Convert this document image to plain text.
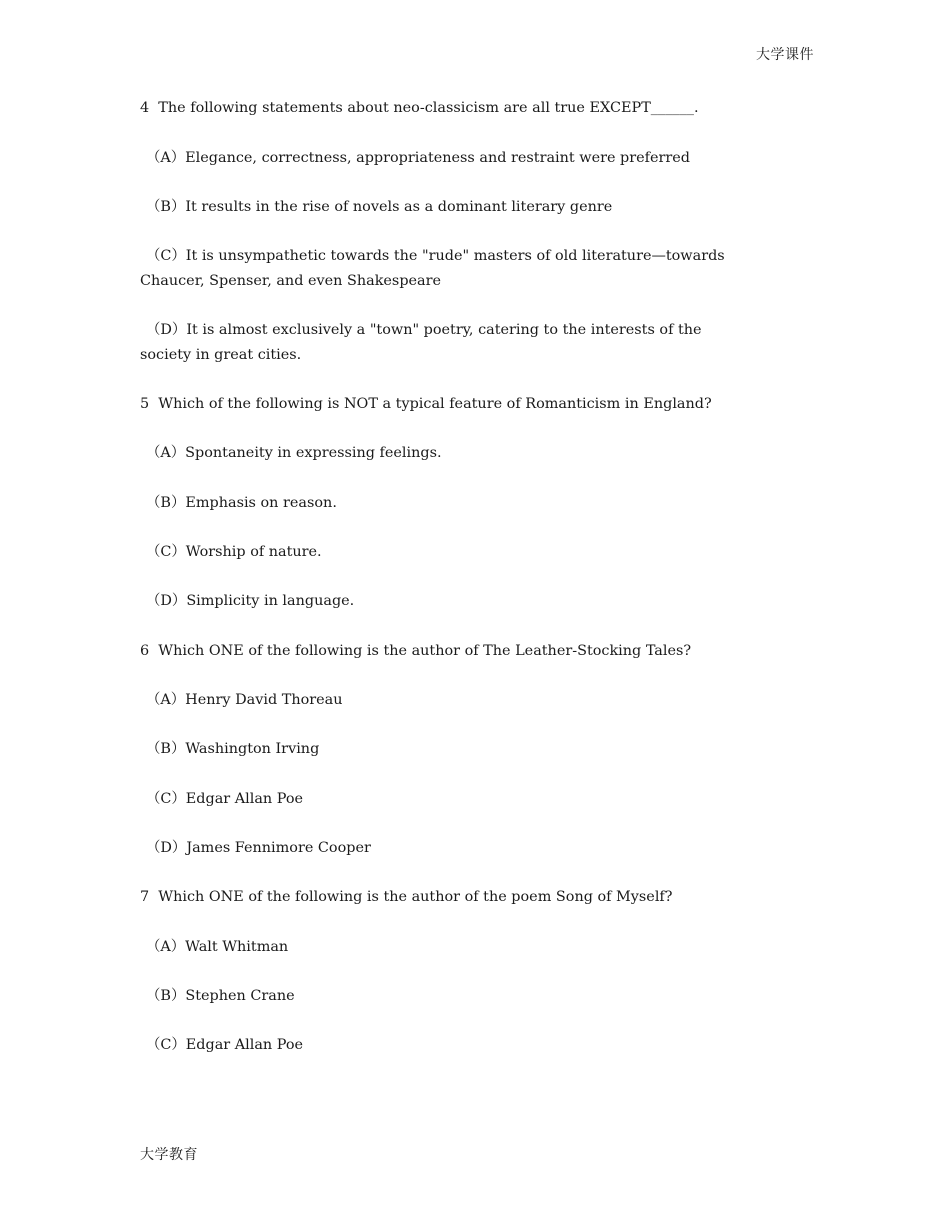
大学课件
4  The following statements about neo-classicism are all true EXCEPT______.
（A）Elegance, correctness, appropriateness and restraint were preferred
（B）It results in the rise of novels as a dominant literary genre
（C）It is unsympathetic towards the "rude" masters of old literature—towards
Chaucer, Spenser, and even Shakespeare
（D）It is almost exclusively a "town" poetry, catering to the interests of the
society in great cities.
5  Which of the following is NOT a typical feature of Romanticism in England?
（A）Spontaneity in expressing feelings.
（B）Emphasis on reason.
（C）Worship of nature.
（D）Simplicity in language.
6  Which ONE of the following is the author of The Leather-Stocking Tales?
（A）Henry David Thoreau
（B）Washington Irving
（C）Edgar Allan Poe
（D）James Fennimore Cooper
7  Which ONE of the following is the author of the poem Song of Myself?
（A）Walt Whitman
（B）Stephen Crane
（C）Edgar Allan Poe
大学教育
